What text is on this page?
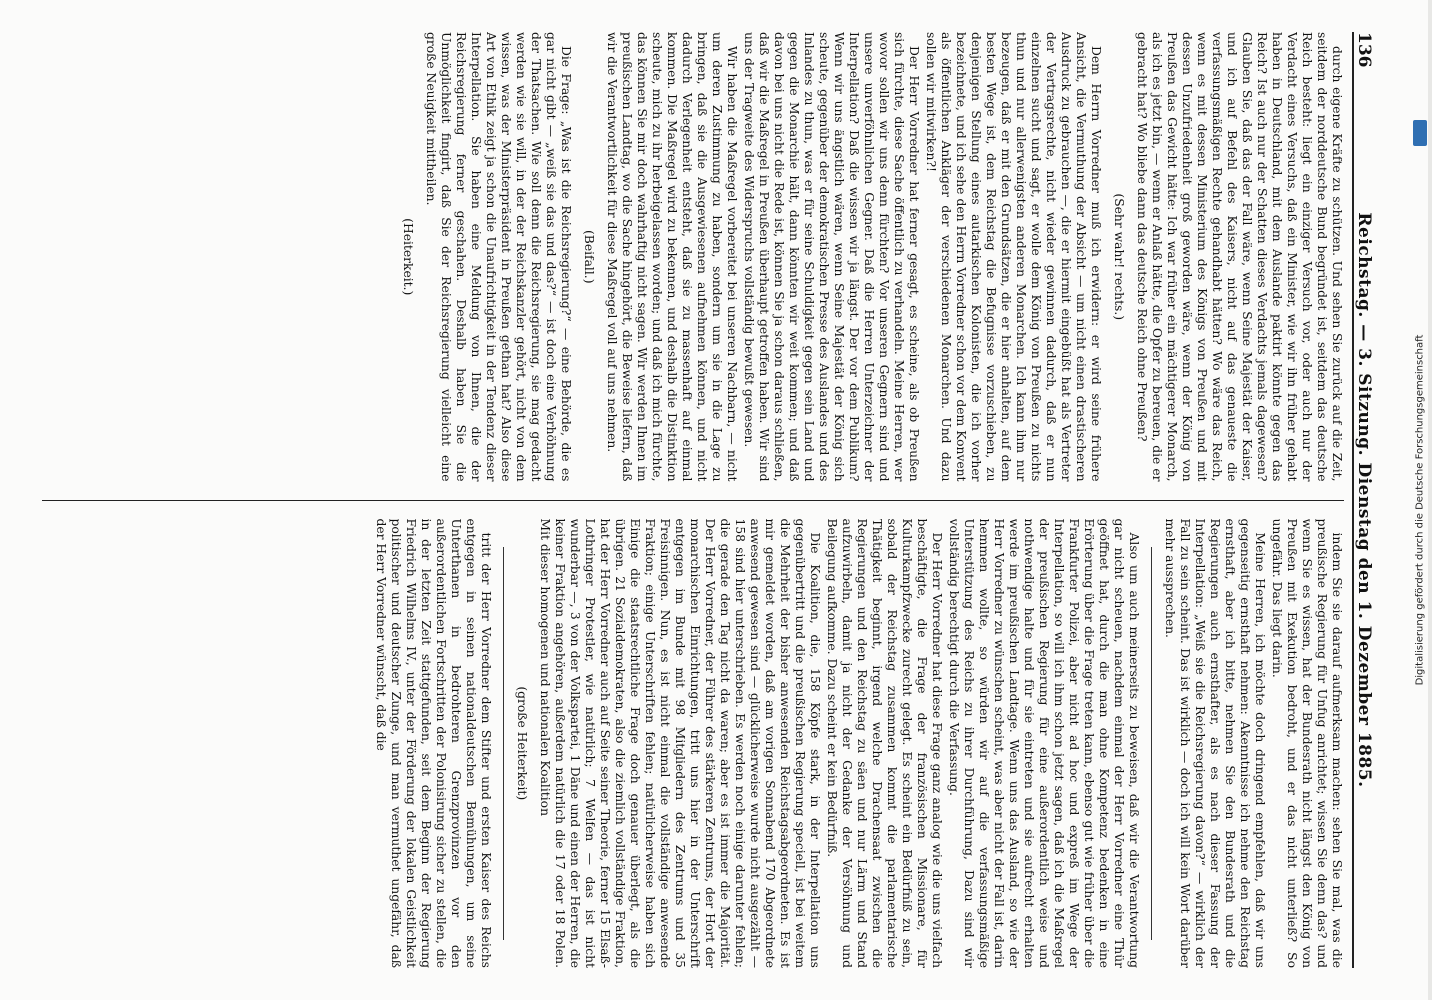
136
Reichstag. — 3. Sitzung. Dienstag den 1. Dezember 1885.

durch eigene Kräfte zu schützen. Und sehen Sie zurück auf die Zeit, seitdem der norddeutsche Bund begründet ist, seitdem das deutsche Reich besteht: liegt ein einziger Versuch vor, oder auch nur der Verdacht eines Versuchs, daß ein Minister, wie wir ihn früher gehabt haben in Deutschland, mit dem Auslande paktirt könnte gegen das Reich? Ist auch nur der Schatten dieses Verdachts jemals dagewesen? Glauben Sie, daß das der Fall wäre, wenn Seine Majestät der Kaiser, und ich auf Befehl des Kaisers, nicht auf das genaueste die verfassungsmäßigen Rechte gehandhabt hätten? Wo wäre das Reich, wenn es mit dessen Ministerium des Königs von Preußen und mit dessen Unzufriedenheit groß geworden wäre, wenn der König von Preußen das Gewicht hätte: Ich war früher ein mächtigerer Monarch, als ich es jetzt bin, — wenn er Anlaß hätte, die Opfer zu bereuen, die er gebracht hat? Wo bliebe dann das deutsche Reich ohne Preußen?

(Sehr wahr! rechts.)

Dem Herrn Vorredner muß ich erwidern: er wird seine frühere Ansicht, die Vermuthung der Absicht — um nicht einen drastischeren Ausdruck zu gebrauchen —, die er hiermit eingebüßt hat als Vertreter der Vertragsrechte, nicht wieder gewinnen dadurch, daß er nun einzelnen sucht und sagt, er wolle dem König von Preußen zu nichts thun und nur allerwenigsten anderen Monarchen. Ich kann ihm nur bezeugen, daß er mit den Grundsätzen, die er hier anhalten, auf dem besten Wege ist, dem Reichstag die Befugnisse vorzuschieben, zu denjenigen Stellung eines autarkischen Kolonisten, die ich vorher bezeichnete, und ich sehe den Herrn Vorredner schon vor dem Konvent als öffentlichen Ankläger der verschiedenen Monarchen. Und dazu sollen wir mitwirken?!

Der Herr Vorredner hat ferner gesagt, es scheine, als ob Preußen sich fürchte, diese Sache öffentlich zu verhandeln. Meine Herren, wer wovor sollen wir uns denn fürchten? Vor unseren Gegnern sind und unsere unverföhnlichen Gegner. Daß die Herren Unterzeichner der Interpellation? Daß die wissen wir ja längst. Der vor dem Publikum? Wenn wir uns ängstlich wären, wenn Seine Majestät der König sich scheute, gegenüber der demokratischen Presse des Auslandes und des Inlandes zu thun, was er für seine Schuldigkeit gegen sein Land und gegen die Monarchie hält, dann könnten wir weit kommen; und daß davon bei uns nicht die Rede ist, können Sie ja schon daraus schließen, daß wir die Maßregel in Preußen überhaupt getroffen haben. Wir sind uns der Tragweite des Widerspruchs vollständig bewußt gewesen.

Wir haben die Maßregel vorbereitet bei unseren Nachbarn, — nicht um deren Zustimmung zu haben, sondern um sie in die Lage zu bringen, daß sie die Ausgewiesenen aufnehmen können, und nicht dadurch Verlegenheit entsteht, daß sie zu massenhaft auf einmal kommen. Die Maßregel wird zu bekennen, und deshalb die Distinktion scheute, mich zu ihr herbeigelassen worden; und daß ich mich fürchte, das können Sie mir doch wahrhaftig nicht sagen. Wir werden Ihnen im preußischen Landtag, wo die Sache hingehört, die Beweise liefern, daß wir die Verantwortlichkeit für diese Maßregel voll auf uns nehmen.

(Beifall.)

Die Frage: „Was ist die Reichsregierung?“ — eine Behörde, die es gar nicht gibt — „weiß sie das und das?“ — ist doch eine Verhöhnung der Thatsachen. Wie soll denn die Reichsregierung, sie mag gedacht werden wie sie will, in der der Reichskanzler gehört, nicht von dem wissen, was der Ministerpräsident in Preußen gethan hat? Also diese Art von Ethik zeigt ja schon die Unaufrichtigkeit in der Tendenz dieser Interpellation. Sie haben eine Meldung von Ihnen, die der Reichsregierung ferner geschahen. Deshalb haben Sie die Unmöglichkeit fingirt, daß Sie der Reichsregierung vielleicht eine große Neuigkeit mittheilen.

(Heiterkeit.)

indem Sie sie darauf aufmerksam machen: sehen Sie mal, was die preußische Regierung für Unfug anrichtet; wissen Sie denn das? und wenn Sie es wissen, hat der Bundesrath nicht längst den König von Preußen mit Exekution bedroht, und er das nicht unterließ? So ungefähr. Das liegt darin.

Meine Herren, ich möchte doch dringend empfehlen, daß wir uns gegenseitig ernsthaft nehmen: Akenntnisse ich nehme den Reichstag ernsthaft, aber ich bitte, nehmen Sie den Bundesrath und die Regierungen auch ernsthafter, als es nach dieser Fassung der Interpellation: „Weiß sie die Reichsregierung davon?“ — wirklich der Fall zu sein scheint. Das ist wirklich — doch ich will kein Wort darüber mehr aussprechen.

Also um auch meinerseits zu beweisen, daß wir die Verantwortung gar nicht scheuen, nachdem einmal der Herr Vorredner eine Thür geöffnet hat, durch die man ohne Kompetenz bedenken in eine Erörterung über die Frage treten kann, ebenso gut wie früher über die Frankfurter Polizei, aber nicht ad hoc und expreß im Wege der Interpellation, so will ich ihm schon jetzt sagen, daß ich die Maßregel der preußischen Regierung für eine außerordentlich weise und nothwendige halte und für sie eintreten und sie aufrecht erhalten werde im preußischen Landtage. Wenn uns das Ausland, so wie der Herr Vorredner zu wünschen scheint, was aber nicht der Fall ist, darin hemmen wollte, so würden wir auf die verfassungsmäßige Unterstützung des Reichs zu ihrer Durchführung, Dazu sind wir vollständig berechtigt durch die Verfassung.

Der Herr Vorredner hat diese Frage ganz analog wie die uns vielfach beschäftigte, die Frage der französischen Missionare, für Kulturkampfzwecke zurecht gelegt. Es scheint ein Bedürfniß zu sein, sobald der Reichstag zusammen kommt die parlamentarische Thätigkeit beginnt, irgend welche Drachensaat zwischen die Regierungen und den Reichstag zu säen und nur Lärm und Stand aufzuwirbeln, damit ja nicht der Gedanke der Versöhnung und Beilegung aufkomme. Dazu scheint er kein Bedürfniß.

Die Koalition, die, 158 Köpfe stark, in der Interpellation uns gegenübertritt und die preußischen Regierung speciell, ist bei weitem die Mehrheit der bisher anwesenden Reichstagsabgeordneten. Es ist mir gemeldet worden, daß am vorigen Sonnabend 170 Abgeordnete anwesend gewesen sind — glücklicherweise wurde nicht ausgezählt — 158 sind hier unterschrieben. Es werden noch einige darunter fehlen; die gerade den Tag nicht da waren; aber es ist immer die Majorität. Der Herr Vorredner, der Führer des stärkeren Zentrums, der Hort der monarchischen Einrichtungen, tritt uns hier in der Unterschrift entgegen im Bunde mit 98 Mitgliedern des Zentrums und 35 Freisinnigen. Nun, es ist nicht einmal die vollständige anwesende Fraktion; einige Unterschriften fehlen; natürlicherweise haben sich Einige die staatsrechtliche Frage doch genauer überlegt, als die übrigen. 21 Sozialdemokraten, also die ziemlich vollständige Fraktion, hat der Herr Vorredner auch auf Seite seiner Theorie, ferner 15 Elsaß-Lothringer Protestler, wie natürlich; 7 Welfen — das ist nicht wunderbar —, 3 von der Volkspartei, 1 Däne und einen der Herren, die keiner Fraktion angehören, außerdem natürlich die 17 oder 18 Polen. Mit dieser homogenen und nationalen Koalition

(große Heiterkeit)

tritt der Herr Vorredner dem Stifter und ersten Kaiser des Reichs entgegen in seinen nationaldeutschen Bemühungen, um seine Unterthanen in bedrohteren Grenzprovinzen vor den außerordentlichen Fortschritten der Polonisirung sicher zu stellen, die in der letzten Zeit stattgefunden, seit dem Beginn der Regierung Friedrich Wilhelms IV., unter der Förderung der lokalen Geistlichkeit politischer und deutscher Zunge, und man vermuthet ungefähr, daß der Herr Vorredner wünscht, daß die	Digitalisierung gefördert durch die Deutsche Forschungsgemeinschaft
